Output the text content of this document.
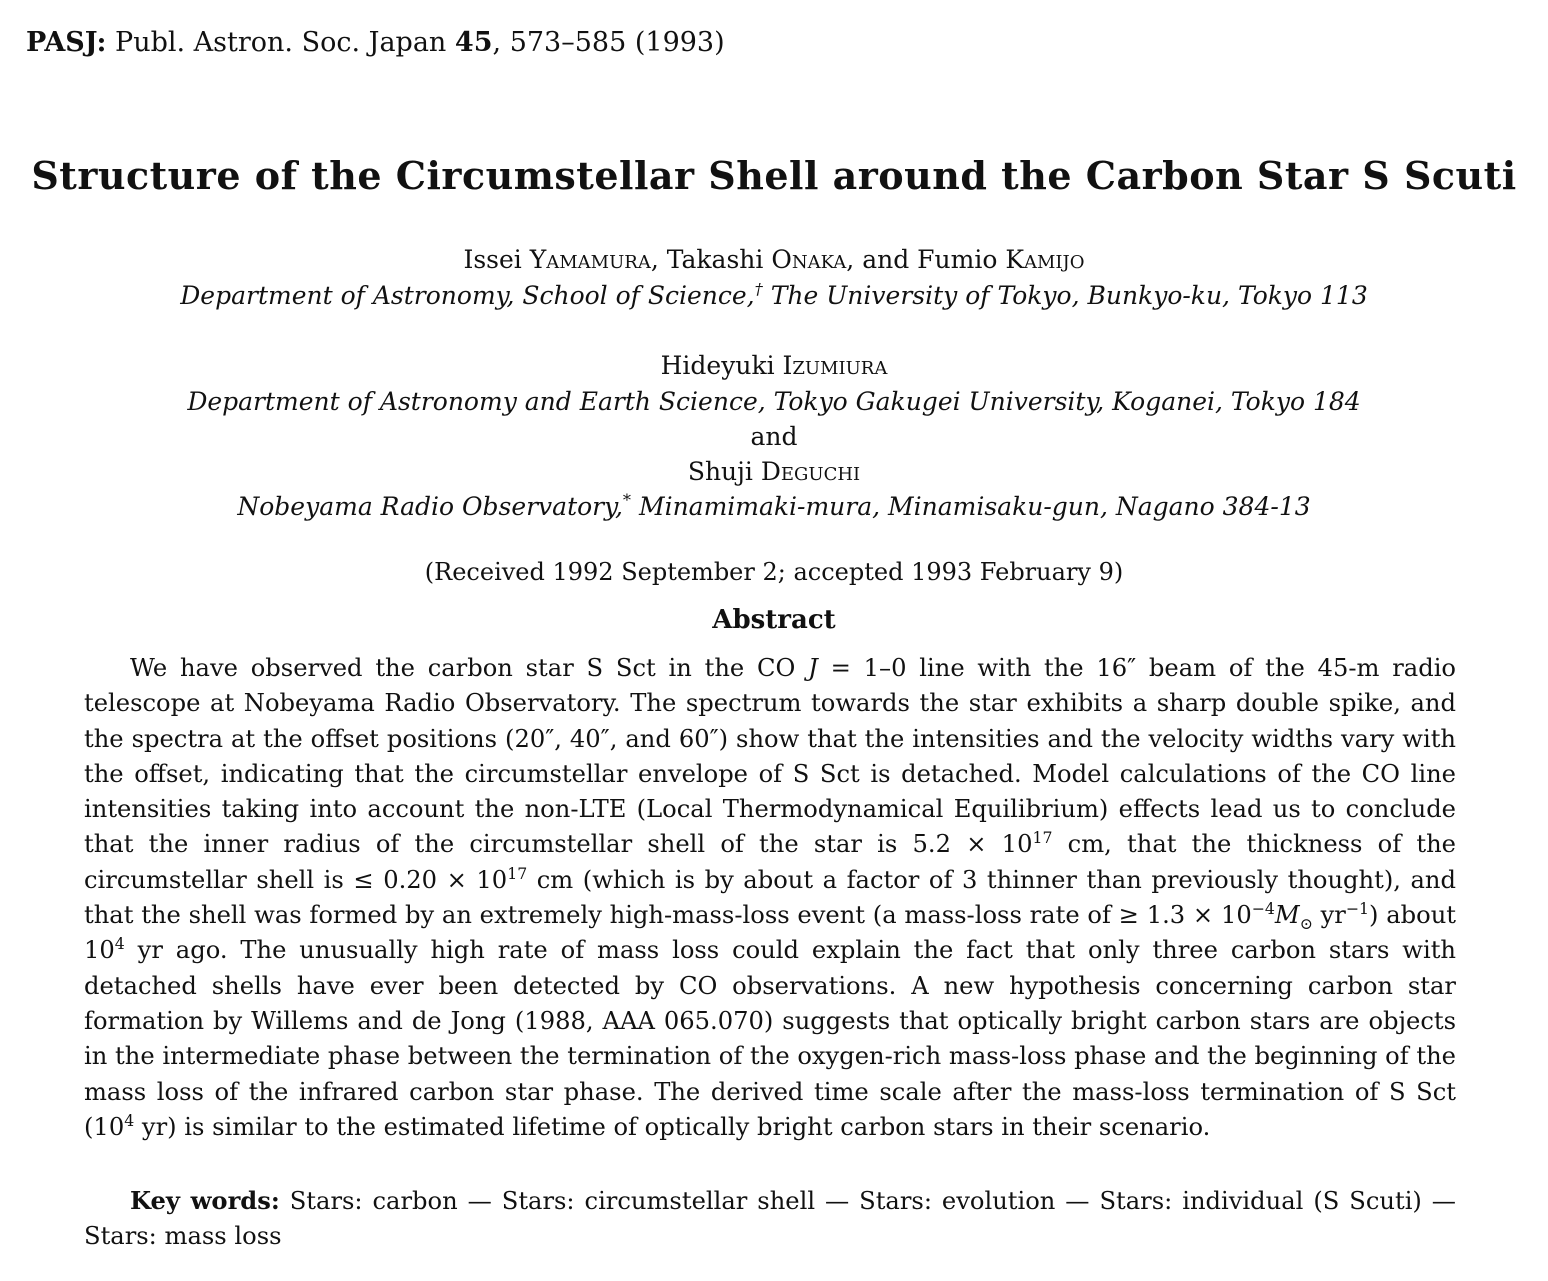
PASJ: Publ. Astron. Soc. Japan 45, 573–585 (1993)
Structure of the Circumstellar Shell around the Carbon Star S Scuti
Issei Yamamura, Takashi Onaka, and Fumio Kamijo
Department of Astronomy, School of Science,† The University of Tokyo, Bunkyo-ku, Tokyo 113
Hideyuki Izumiura
Department of Astronomy and Earth Science, Tokyo Gakugei University, Koganei, Tokyo 184
and
Shuji Deguchi
Nobeyama Radio Observatory,* Minamimaki-mura, Minamisaku-gun, Nagano 384-13
(Received 1992 September 2; accepted 1993 February 9)
Abstract

We have observed the carbon star S Sct in the CO J = 1–0 line with the 16″ beam of the 45-m radio telescope at Nobeyama Radio Observatory. The spectrum towards the star exhibits a sharp double spike, and the spectra at the offset positions (20″, 40″, and 60″) show that the intensities and the velocity widths vary with the offset, indicating that the circumstellar envelope of S Sct is detached. Model calculations of the CO line intensities taking into account the non-LTE (Local Thermodynamical Equilibrium) effects lead us to conclude that the inner radius of the circumstellar shell of the star is $5.2 \times 10^{17}$ cm, that the thickness of the circumstellar shell is ≤ $0.20 \times 10^{17}$ cm (which is by about a factor of 3 thinner than previously thought), and that the shell was formed by an extremely high-mass-loss event (a mass-loss rate of ≥ $1.3 \times 10^{-4}M_⊙$ $yr^{-1}$) about $10^4$ yr ago. The unusually high rate of mass loss could explain the fact that only three carbon stars with detached shells have ever been detected by CO observations. A new hypothesis concerning carbon star formation by Willems and de Jong (1988, AAA 065.070) suggests that optically bright carbon stars are objects in the intermediate phase between the termination of the oxygen-rich mass-loss phase and the beginning of the mass loss of the infrared carbon star phase. The derived time scale after the mass-loss termination of S Sct ($10^4$ yr) is similar to the estimated lifetime of optically bright carbon stars in their scenario.

Key words: Stars: carbon — Stars: circumstellar shell — Stars: evolution — Stars: individual (S Scuti) — Stars: mass loss
